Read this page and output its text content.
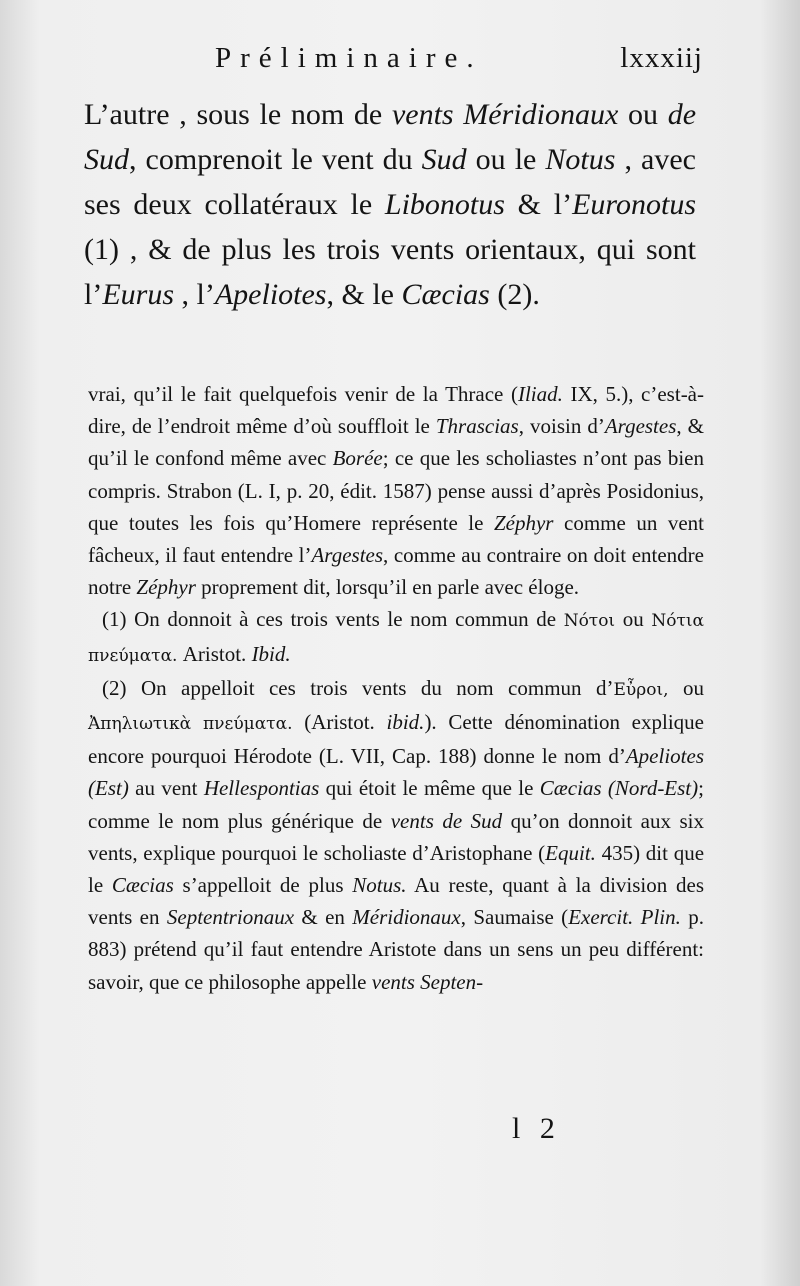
Préliminaire.	lxxxiij

L’autre , sous le nom de vents Méridionaux ou de Sud, comprenoit le vent du Sud ou le Notus , avec ses deux collatéraux le Libonotus & l’Euronotus (1) , & de plus les trois vents orientaux, qui sont l’Eurus , l’Apeliotes, & le Cæcias (2).

vrai, qu’il le fait quelquefois venir de la Thrace (Iliad. IX, 5.), c’est-à-dire, de l’endroit même d’où souffloit le Thrascias, voisin d’Argestes, & qu’il le confond même avec Borée; ce que les scholiastes n’ont pas bien compris. Strabon (L. I, p. 20, édit. 1587) pense aussi d’après Posidonius, que toutes les fois qu’Homere représente le Zéphyr comme un vent fâcheux, il faut entendre l’Argestes, comme au contraire on doit entendre notre Zéphyr proprement dit, lorsqu’il en parle avec éloge.

(1) On donnoit à ces trois vents le nom commun de Νότοι ou Νότια πνεύματα. Aristot. Ibid.

(2) On appelloit ces trois vents du nom commun d’Εὖροι, ou Ἀπηλιωτικὰ πνεύματα. (Aristot. ibid.). Cette dénomination explique encore pourquoi Hérodote (L. VII, Cap. 188) donne le nom d’Apeliotes (Est) au vent Hellespontias qui étoit le même que le Cæcias (Nord-Est); comme le nom plus générique de vents de Sud qu’on donnoit aux six vents, explique pourquoi le scholiaste d’Aristophane (Equit. 435) dit que le Cæcias s’appelloit de plus Notus. Au reste, quant à la division des vents en Septentrionaux & en Méridionaux, Saumaise (Exercit. Plin. p. 883) prétend qu’il faut entendre Aristote dans un sens un peu différent: savoir, que ce philosophe appelle vents Septen-

l 2
